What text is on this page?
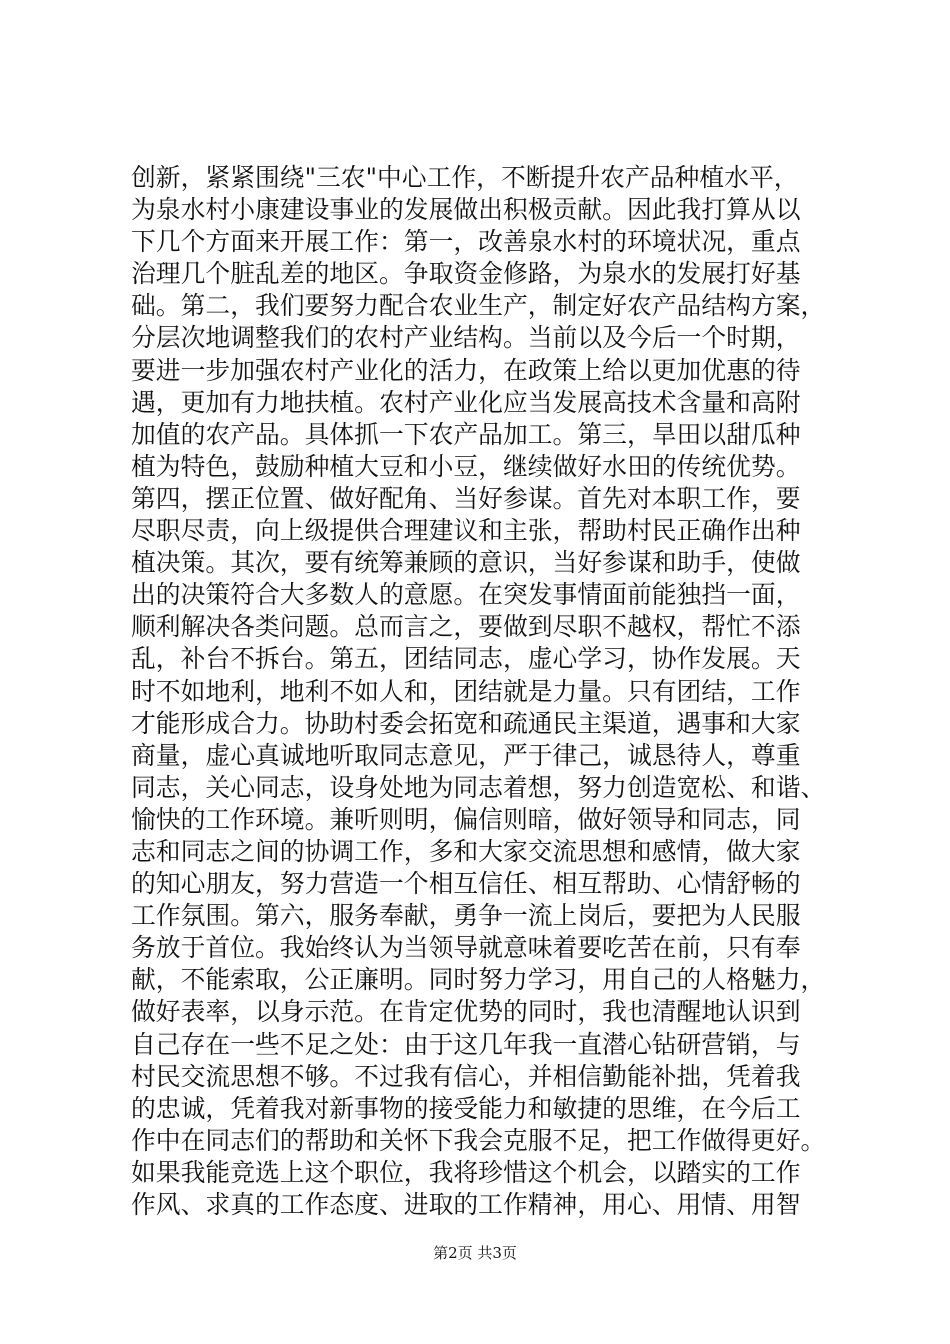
创新，紧紧围绕"三农"中心工作，不断提升农产品种植水平，
为泉水村小康建设事业的发展做出积极贡献。因此我打算从以
下几个方面来开展工作：第一，改善泉水村的环境状况，重点
治理几个脏乱差的地区。争取资金修路，为泉水的发展打好基
础。第二，我们要努力配合农业生产，制定好农产品结构方案，
分层次地调整我们的农村产业结构。当前以及今后一个时期，
要进一步加强农村产业化的活力，在政策上给以更加优惠的待
遇，更加有力地扶植。农村产业化应当发展高技术含量和高附
加值的农产品。具体抓一下农产品加工。第三，旱田以甜瓜种
植为特色，鼓励种植大豆和小豆，继续做好水田的传统优势。
第四，摆正位置、做好配角、当好参谋。首先对本职工作，要
尽职尽责，向上级提供合理建议和主张，帮助村民正确作出种
植决策。其次，要有统筹兼顾的意识，当好参谋和助手，使做
出的决策符合大多数人的意愿。在突发事情面前能独挡一面，
顺利解决各类问题。总而言之，要做到尽职不越权，帮忙不添
乱，补台不拆台。第五，团结同志，虚心学习，协作发展。天
时不如地利，地利不如人和，团结就是力量。只有团结，工作
才能形成合力。协助村委会拓宽和疏通民主渠道，遇事和大家
商量，虚心真诚地听取同志意见，严于律己，诚恳待人，尊重
同志，关心同志，设身处地为同志着想，努力创造宽松、和谐、
愉快的工作环境。兼听则明，偏信则暗，做好领导和同志，同
志和同志之间的协调工作，多和大家交流思想和感情，做大家
的知心朋友，努力营造一个相互信任、相互帮助、心情舒畅的
工作氛围。第六，服务奉献，勇争一流上岗后，要把为人民服
务放于首位。我始终认为当领导就意味着要吃苦在前，只有奉
献，不能索取，公正廉明。同时努力学习，用自己的人格魅力，
做好表率，以身示范。在肯定优势的同时，我也清醒地认识到
自己存在一些不足之处：由于这几年我一直潜心钻研营销，与
村民交流思想不够。不过我有信心，并相信勤能补拙，凭着我
的忠诚，凭着我对新事物的接受能力和敏捷的思维，在今后工
作中在同志们的帮助和关怀下我会克服不足，把工作做得更好。
如果我能竞选上这个职位，我将珍惜这个机会，以踏实的工作
作风、求真的工作态度、进取的工作精神，用心、用情、用智
第2页 共3页
